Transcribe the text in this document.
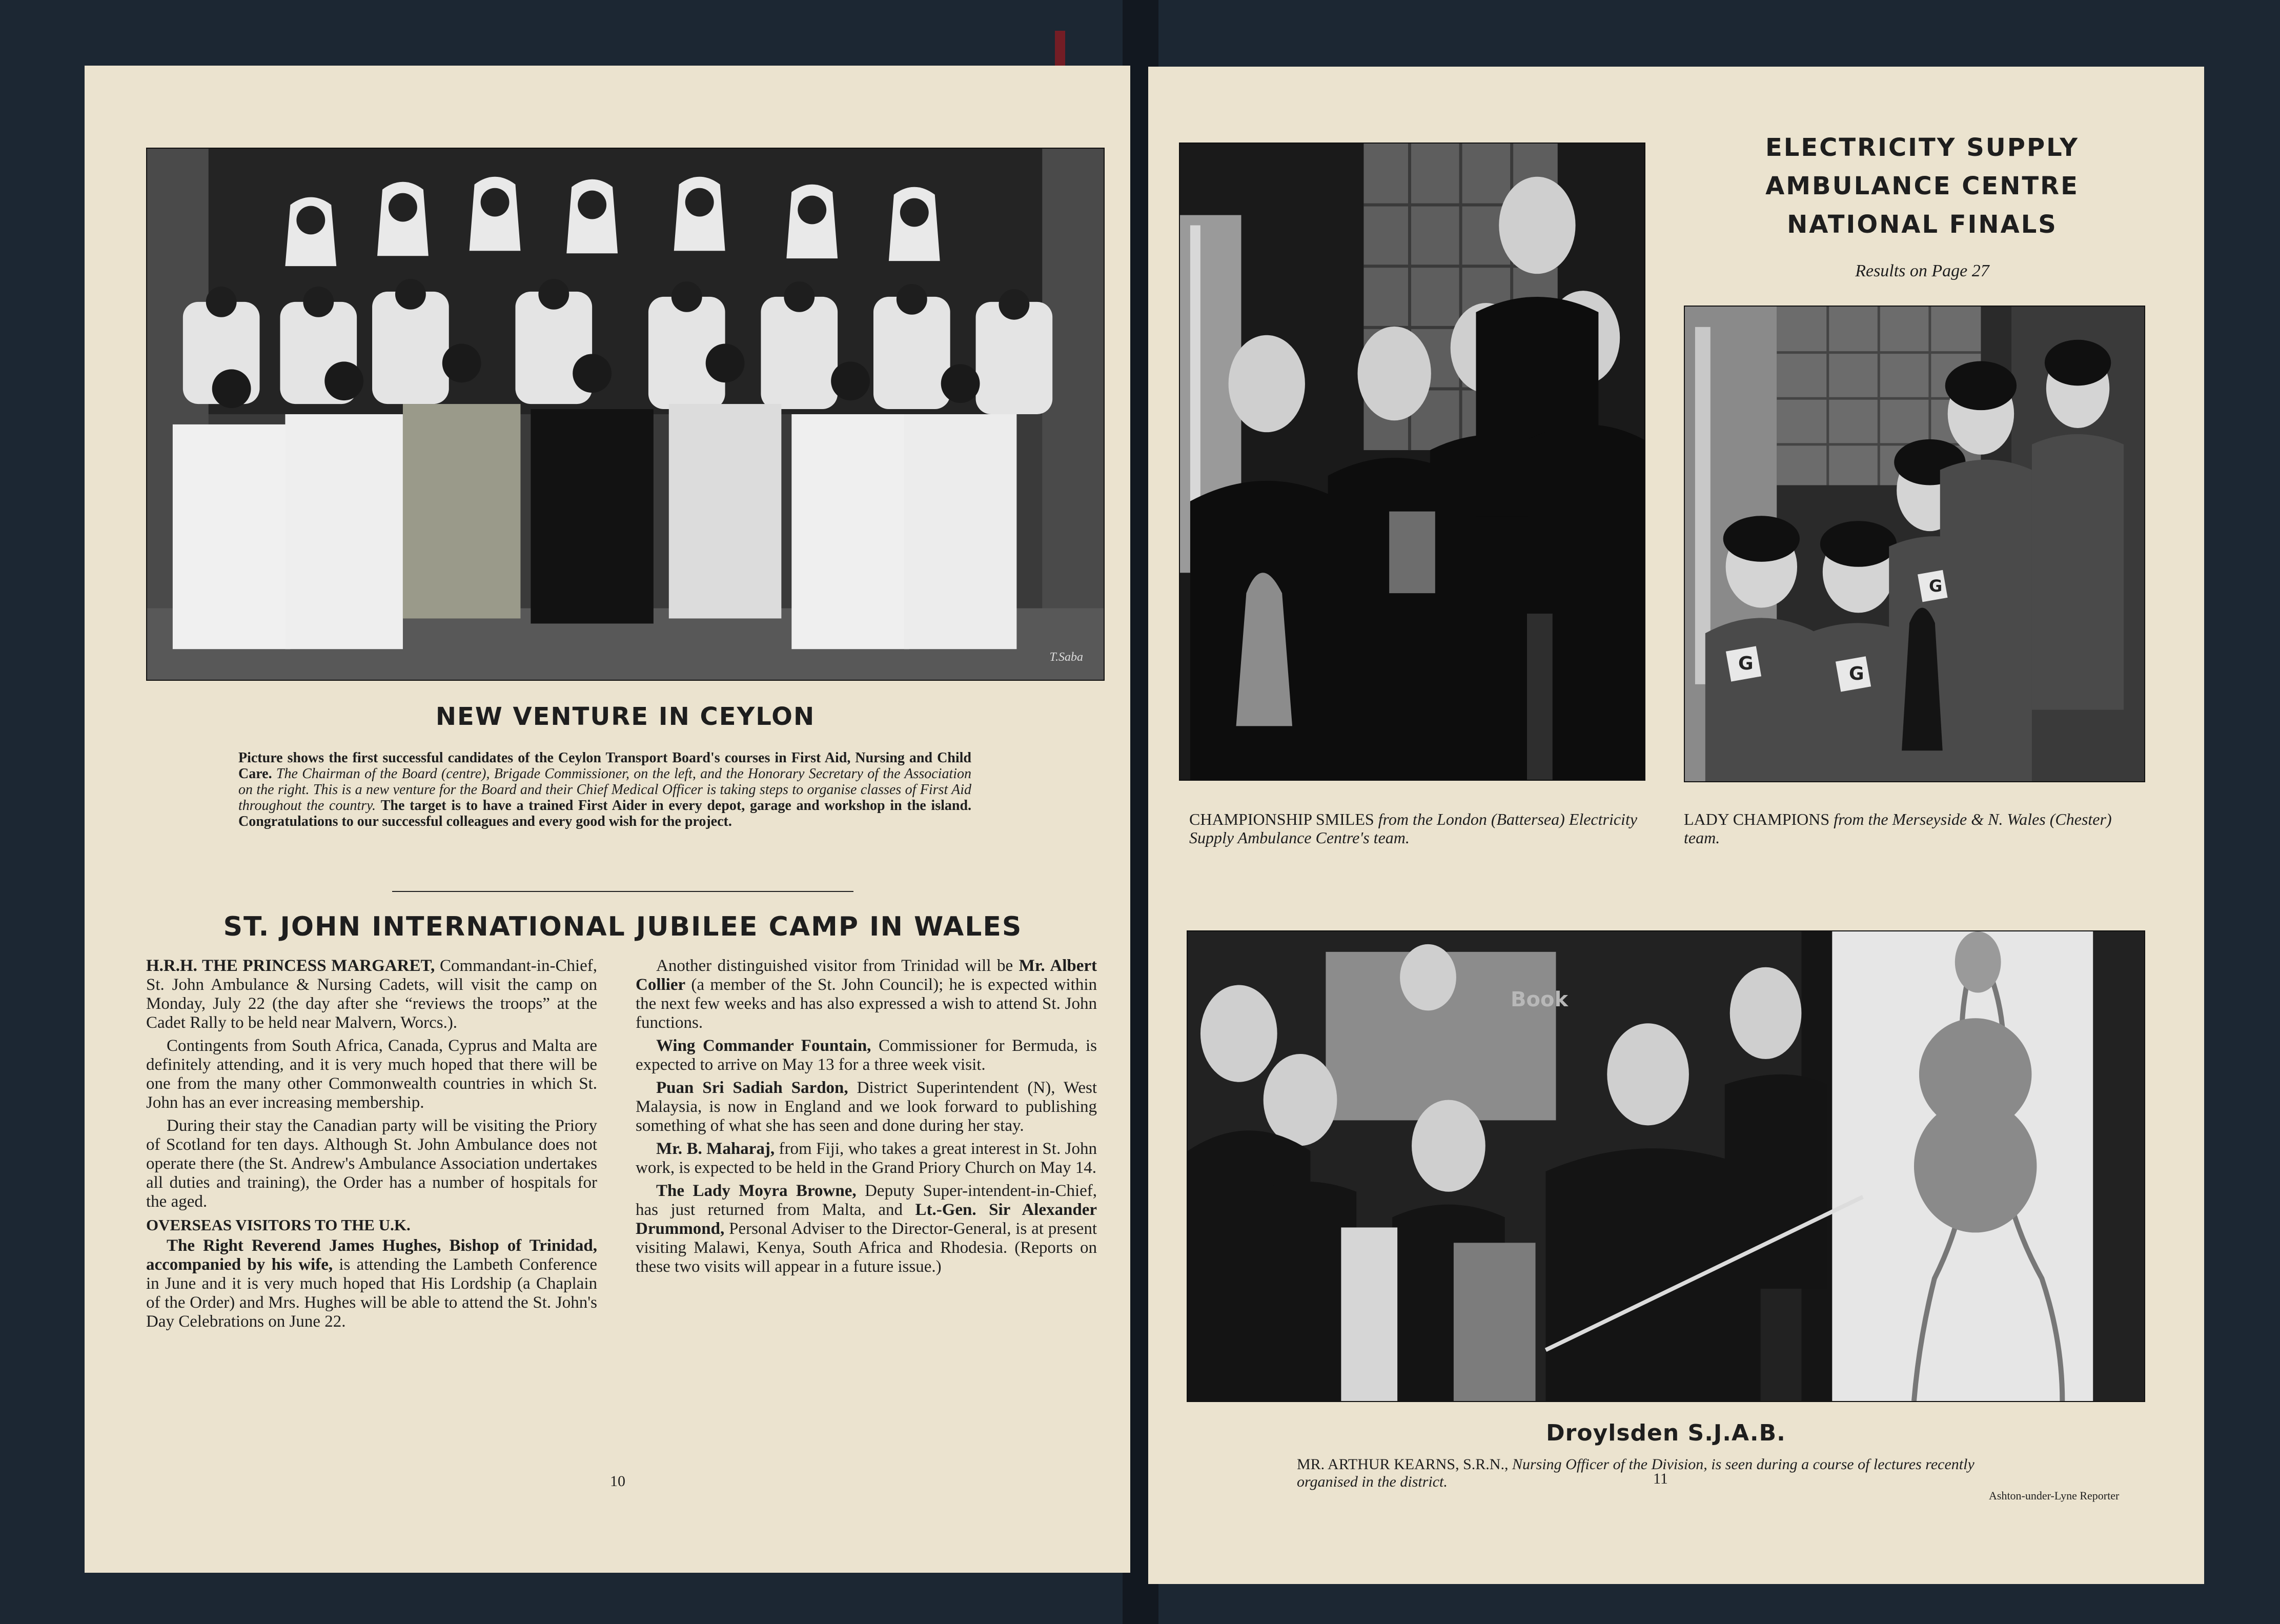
T.Saba
NEW VENTURE IN CEYLON
Picture shows the first successful candidates of the Ceylon Transport Board's courses in First Aid, Nursing and Child Care. The Chairman of the Board (centre), Brigade Commissioner, on the left, and the Honorary Secretary of the Association on the right. This is a new venture for the Board and their Chief Medical Officer is taking steps to organise classes of First Aid throughout the country. The target is to have a trained First Aider in every depot, garage and workshop in the island. Congratulations to our successful colleagues and every good wish for the project.
ST. JOHN INTERNATIONAL JUBILEE CAMP IN WALES

H.R.H. THE PRINCESS MARGARET, Commandant-in-Chief, St. John Ambulance & Nursing Cadets, will visit the camp on Monday, July 22 (the day after she “reviews the troops” at the Cadet Rally to be held near Malvern, Worcs.).

Contingents from South Africa, Canada, Cyprus and Malta are definitely attending, and it is very much hoped that there will be one from the many other Commonwealth countries in which St. John has an ever increasing membership.

During their stay the Canadian party will be visiting the Priory of Scotland for ten days. Although St. John Ambulance does not operate there (the St. Andrew's Ambulance Association undertakes all duties and training), the Order has a number of hospitals for the aged.

OVERSEAS VISITORS TO THE U.K.

The Right Reverend James Hughes, Bishop of Trinidad, accompanied by his wife, is attending the Lambeth Conference in June and it is very much hoped that His Lordship (a Chaplain of the Order) and Mrs. Hughes will be able to attend the St. John's Day Celebrations on June 22.

Another distinguished visitor from Trinidad will be Mr. Albert Collier (a member of the St. John Council); he is expected within the next few weeks and has also expressed a wish to attend St. John functions.

Wing Commander Fountain, Commissioner for Bermuda, is expected to arrive on May 13 for a three week visit.

Puan Sri Sadiah Sardon, District Superintendent (N), West Malaysia, is now in England and we look forward to publishing something of what she has seen and done during her stay.

Mr. B. Maharaj, from Fiji, who takes a great interest in St. John work, is expected to be held in the Grand Priory Church on May 14.

The Lady Moyra Browne, Deputy Super-intendent-in-Chief, has just returned from Malta, and Lt.-Gen. Sir Alexander Drummond, Personal Adviser to the Director-General, is at present visiting Malawi, Kenya, South Africa and Rhodesia. (Reports on these two visits will appear in a future issue.)

10
ELECTRICITY SUPPLY
AMBULANCE CENTRE
NATIONAL FINALS
Results on Page 27
G	G
G
CHAMPIONSHIP SMILES from the London (Battersea) Electricity Supply Ambulance Centre's team.
LADY CHAMPIONS from the Merseyside & N. Wales (Chester) team.
Book
Droylsden S.J.A.B.
MR. ARTHUR KEARNS, S.R.N., Nursing Officer of the Division, is seen during a course of lectures recently organised in the district.
Ashton-under-Lyne Reporter
11
